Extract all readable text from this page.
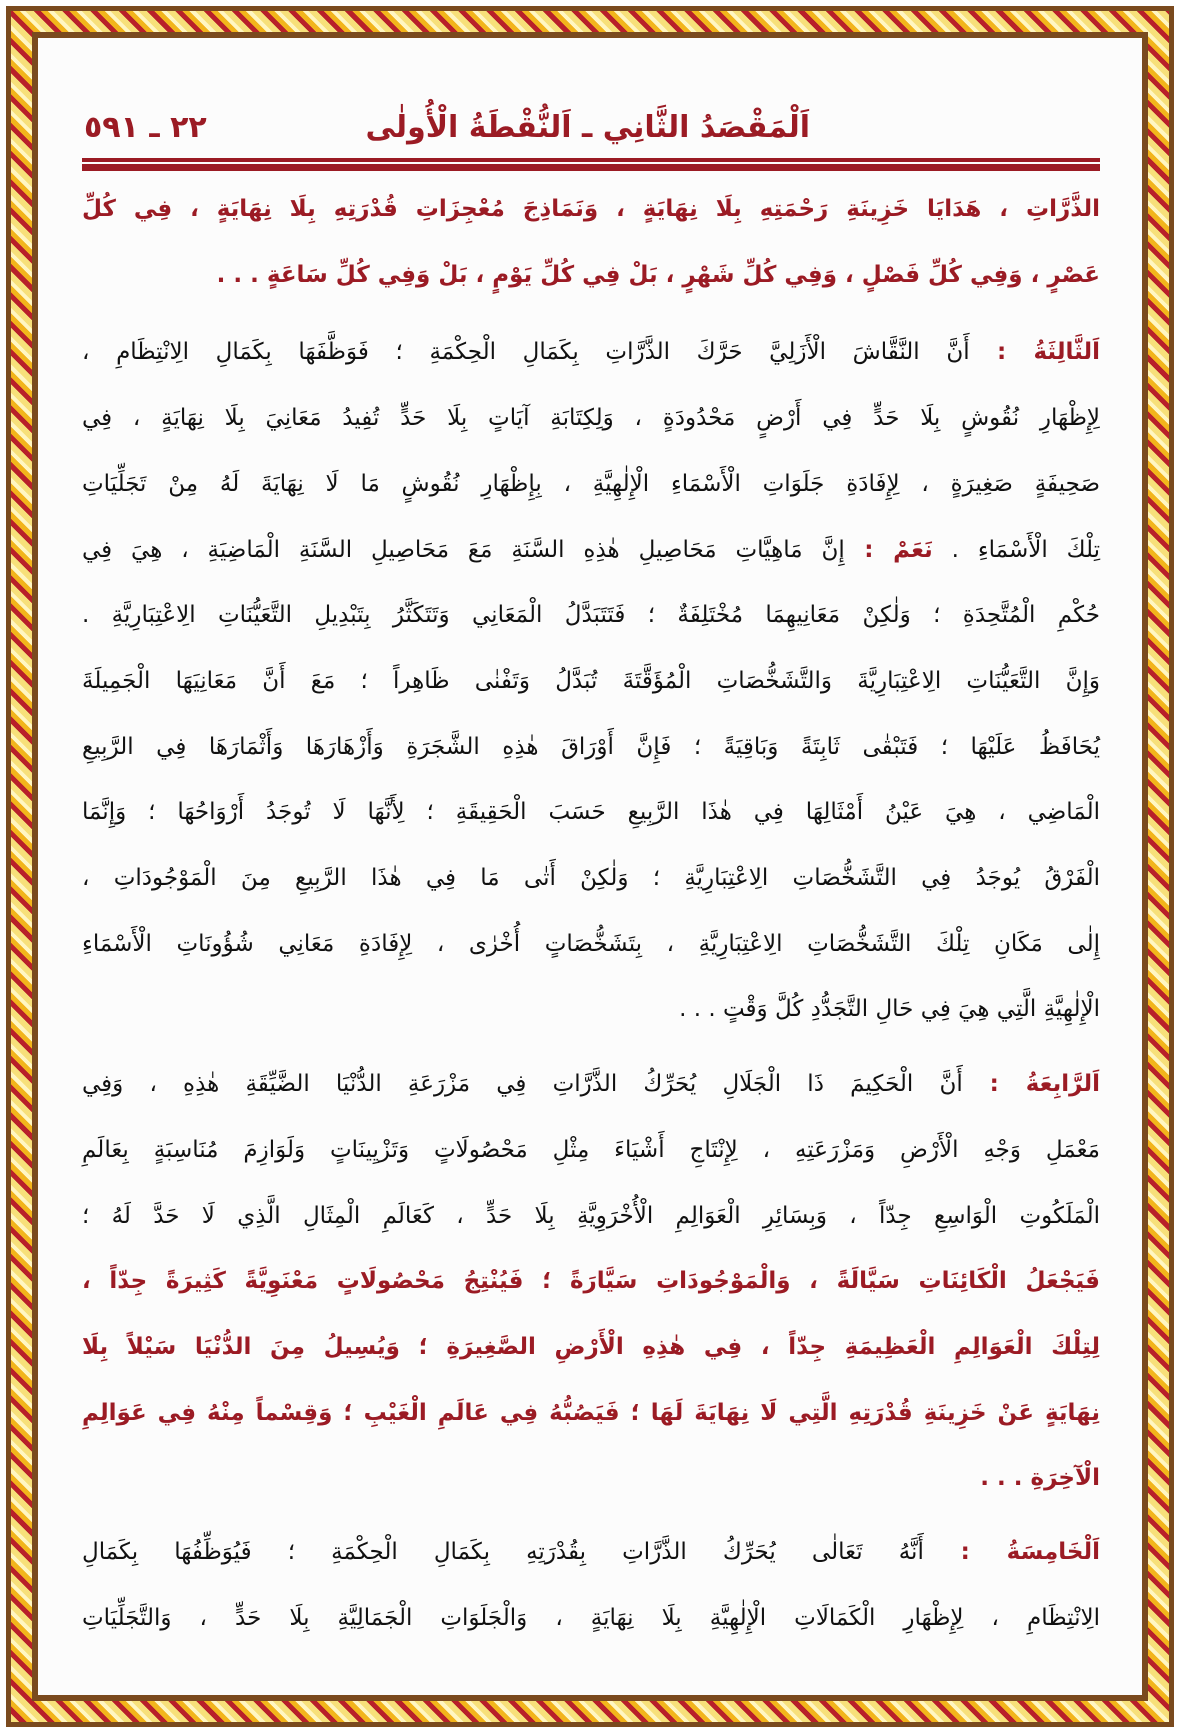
اَلْمَقْصَدُ الثَّانِي ـ اَلنُّقْطَةُ الْأُولٰى
٢٢ ـ ٥٩١
الذَّرَّاتِ ، هَدَايَا خَزِينَةِ رَحْمَتِهِ بِلَا نِهَايَةٍ ، وَنَمَاذِجَ مُعْجِزَاتِ قُدْرَتِهِ بِلَا نِهَايَةٍ ، فِي كُلِّ
عَصْرٍ ، وَفِي كُلِّ فَصْلٍ ، وَفِي كُلِّ شَهْرٍ ، بَلْ فِي كُلِّ يَوْمٍ ، بَلْ وَفِي كُلِّ سَاعَةٍ . . .
اَلثَّالِثَةُ : أَنَّ النَّقَّاشَ الْأَزَلِيَّ حَرَّكَ الذَّرَّاتِ بِكَمَالِ الْحِكْمَةِ ؛ فَوَظَّفَهَا بِكَمَالِ الِانْتِظَامِ ،
لِإِظْهَارِ نُقُوشٍ بِلَا حَدٍّ فِي أَرْضٍ مَحْدُودَةٍ ، وَلِكِتَابَةِ آيَاتٍ بِلَا حَدٍّ تُفِيدُ مَعَانِيَ بِلَا نِهَايَةٍ ، فِي
صَحِيفَةٍ صَغِيرَةٍ ، لِإِفَادَةِ جَلَوَاتِ الْأَسْمَاءِ الْإِلٰهِيَّةِ ، بِإِظْهَارِ نُقُوشٍ مَا لَا نِهَايَةَ لَهُ مِنْ تَجَلِّيَاتِ
تِلْكَ الْأَسْمَاءِ . نَعَمْ : إِنَّ مَاهِيَّاتِ مَحَاصِيلِ هٰذِهِ السَّنَةِ مَعَ مَحَاصِيلِ السَّنَةِ الْمَاضِيَةِ ، هِيَ فِي
حُكْمِ الْمُتَّحِدَةِ ؛ وَلٰكِنْ مَعَانِيهِمَا مُخْتَلِفَةٌ ؛ فَتَتَبَدَّلُ الْمَعَانِي وَتَتَكَثَّرُ بِتَبْدِيلِ التَّعَيُّنَاتِ الِاعْتِبَارِيَّةِ .
وَإِنَّ التَّعَيُّنَاتِ الِاعْتِبَارِيَّةَ وَالتَّشَخُّصَاتِ الْمُؤَقَّتَةَ تُبَدَّلُ وَتَفْنٰى ظَاهِراً ؛ مَعَ أَنَّ مَعَانِيَهَا الْجَمِيلَةَ
يُحَافَظُ عَلَيْهَا ؛ فَتَبْقٰى ثَابِتَةً وَبَاقِيَةً ؛ فَإِنَّ أَوْرَاقَ هٰذِهِ الشَّجَرَةِ وَأَزْهَارَهَا وَأَثْمَارَهَا فِي الرَّبِيعِ
الْمَاضِي ، هِيَ عَيْنُ أَمْثَالِهَا فِي هٰذَا الرَّبِيعِ حَسَبَ الْحَقِيقَةِ ؛ لِأَنَّهَا لَا تُوجَدُ أَرْوَاحُهَا ؛ وَإِنَّمَا
الْفَرْقُ يُوجَدُ فِي التَّشَخُّصَاتِ الِاعْتِبَارِيَّةِ ؛ وَلٰكِنْ أَتٰى مَا فِي هٰذَا الرَّبِيعِ مِنَ الْمَوْجُودَاتِ ،
إِلٰى مَكَانِ تِلْكَ التَّشَخُّصَاتِ الِاعْتِبَارِيَّةِ ، بِتَشَخُّصَاتٍ أُخْرٰى ، لِإِفَادَةِ مَعَانِي شُؤُونَاتِ الْأَسْمَاءِ
الْإِلٰهِيَّةِ الَّتِي هِيَ فِي حَالِ التَّجَدُّدِ كُلَّ وَقْتٍ . . .
اَلرَّابِعَةُ : أَنَّ الْحَكِيمَ ذَا الْجَلَالِ يُحَرِّكُ الذَّرَّاتِ فِي مَزْرَعَةِ الدُّنْيَا الضَّيِّقَةِ هٰذِهِ ، وَفِي
مَعْمَلِ وَجْهِ الْأَرْضِ وَمَزْرَعَتِهِ ، لِإِنْتَاجِ أَشْيَاءَ مِثْلِ مَحْصُولَاتٍ وَتَزْيِينَاتٍ وَلَوَازِمَ مُنَاسِبَةٍ بِعَالَمِ
الْمَلَكُوتِ الْوَاسِعِ جِدّاً ، وَبِسَائِرِ الْعَوَالِمِ الْأُخْرَوِيَّةِ بِلَا حَدٍّ ، كَعَالَمِ الْمِثَالِ الَّذِي لَا حَدَّ لَهُ ؛
فَيَجْعَلُ الْكَائِنَاتِ سَيَّالَةً ، وَالْمَوْجُودَاتِ سَيَّارَةً ؛ فَيُنْتِجُ مَحْصُولَاتٍ مَعْنَوِيَّةً كَثِيرَةً جِدّاً ،
لِتِلْكَ الْعَوَالِمِ الْعَظِيمَةِ جِدّاً ، فِي هٰذِهِ الْأَرْضِ الصَّغِيرَةِ ؛ وَيُسِيلُ مِنَ الدُّنْيَا سَيْلاً بِلَا
نِهَايَةٍ عَنْ خَزِينَةِ قُدْرَتِهِ الَّتِي لَا نِهَايَةَ لَهَا ؛ فَيَصُبُّهُ فِي عَالَمِ الْغَيْبِ ؛ وَقِسْماً مِنْهُ فِي عَوَالِمِ
الْآخِرَةِ . . .
اَلْخَامِسَةُ : أَنَّهُ تَعَالٰى يُحَرِّكُ الذَّرَّاتِ بِقُدْرَتِهِ بِكَمَالِ الْحِكْمَةِ ؛ فَيُوَظِّفُهَا بِكَمَالِ
الِانْتِظَامِ ، لِإِظْهَارِ الْكَمَالَاتِ الْإِلٰهِيَّةِ بِلَا نِهَايَةٍ ، وَالْجَلَوَاتِ الْجَمَالِيَّةِ بِلَا حَدٍّ ، وَالتَّجَلِّيَاتِ
